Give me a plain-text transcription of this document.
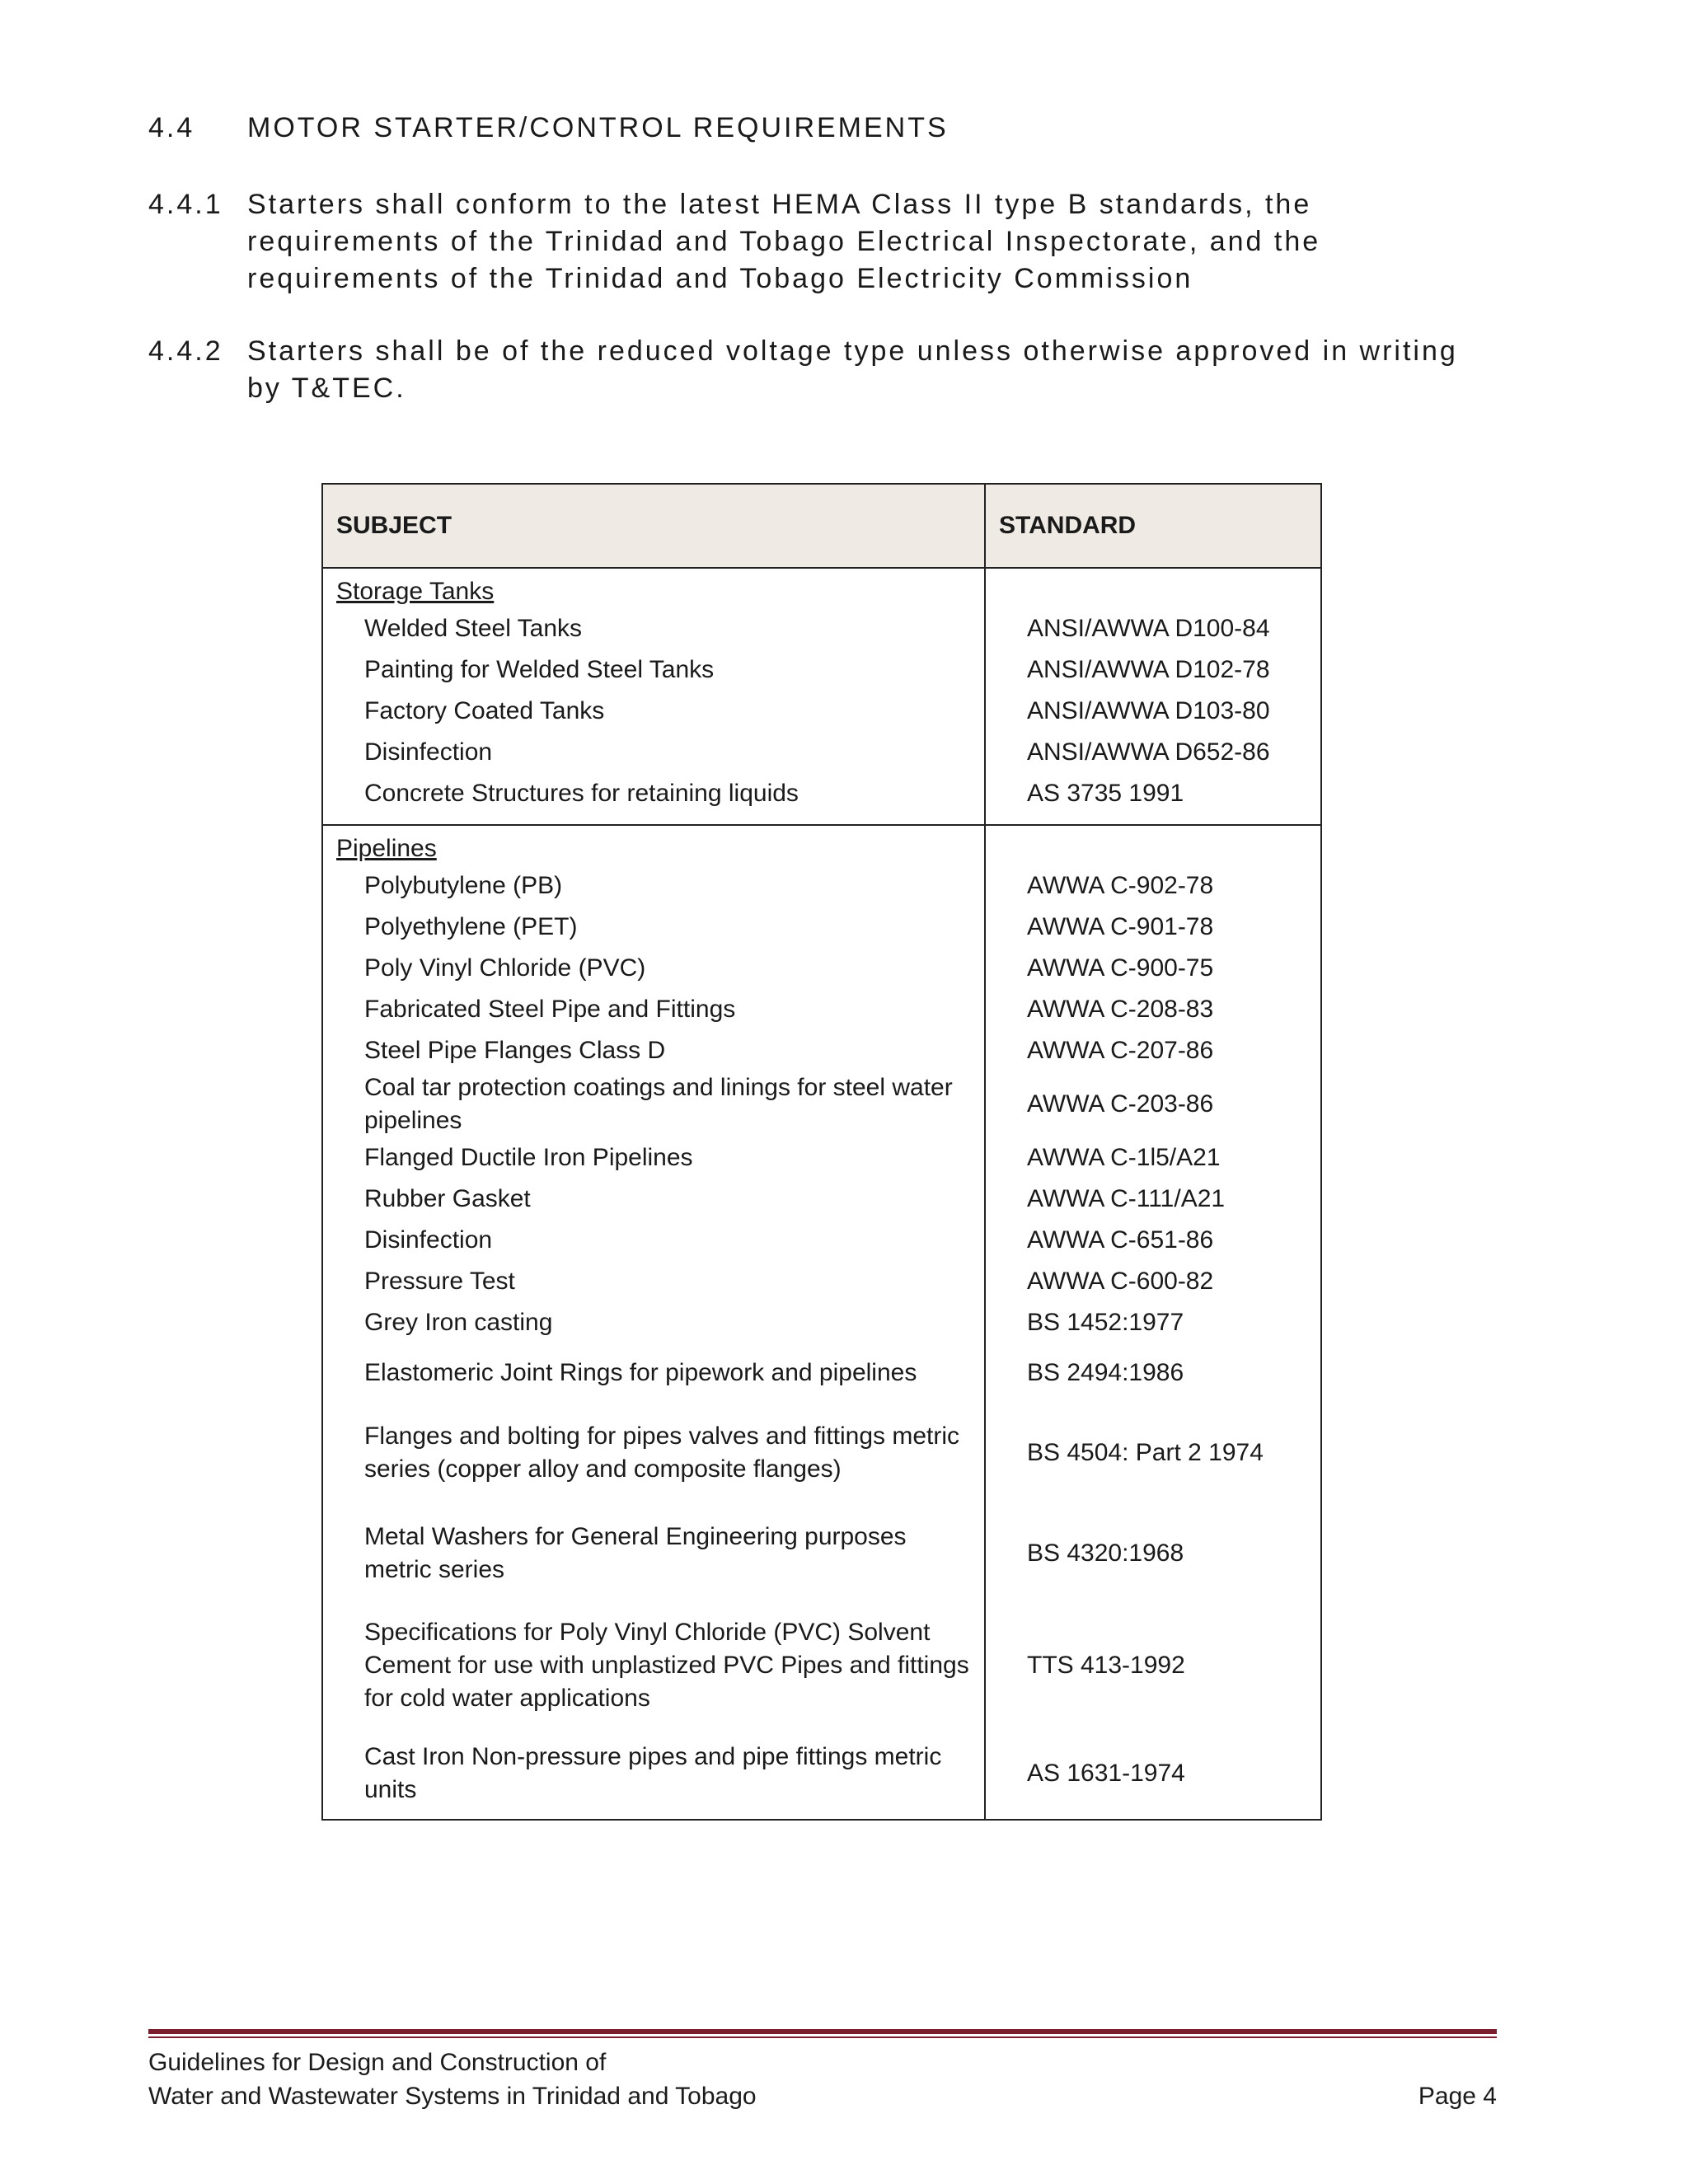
4.4	MOTOR STARTER/CONTROL REQUIREMENTS
4.4.1 Starters shall conform to the latest HEMA Class II type B standards, the requirements of the Trinidad and Tobago Electrical Inspectorate, and the requirements of the Trinidad and Tobago Electricity Commission
4.4.2 Starters shall be of the reduced voltage type unless otherwise approved in writing by T&TEC.
SUBJECT	STANDARD
Storage Tanks	
Welded Steel Tanks	ANSI/AWWA D100-84
Painting for Welded Steel Tanks	ANSI/AWWA D102-78
Factory Coated Tanks	ANSI/AWWA D103-80
Disinfection	ANSI/AWWA D652-86
Concrete Structures for retaining liquids	AS 3735 1991
Pipelines	
Polybutylene (PB)	AWWA C-902-78
Polyethylene (PET)	AWWA C-901-78
Poly Vinyl Chloride (PVC)	AWWA C-900-75
Fabricated Steel Pipe and Fittings	AWWA C-208-83
Steel Pipe Flanges Class D	AWWA C-207-86
Coal tar protection coatings and linings for steel water pipelines	AWWA C-203-86
Flanged Ductile Iron Pipelines	AWWA C-1l5/A21
Rubber Gasket	AWWA C-111/A21
Disinfection	AWWA C-651-86
Pressure Test	AWWA C-600-82
Grey Iron casting	BS 1452:1977
Elastomeric Joint Rings for pipework and pipelines	BS 2494:1986
Flanges and bolting for pipes valves and fittings metric series (copper alloy and composite flanges)	BS 4504: Part 2 1974
Metal Washers for General Engineering purposes metric series	BS 4320:1968
Specifications for Poly Vinyl Chloride (PVC) Solvent Cement for use with unplastized PVC Pipes and fittings for cold water applications	TTS 413-1992
Cast Iron Non-pressure pipes and pipe fittings metric units	AS 1631-1974
Guidelines for Design and Construction of
Water and Wastewater Systems in Trinidad and Tobago	Page 4
